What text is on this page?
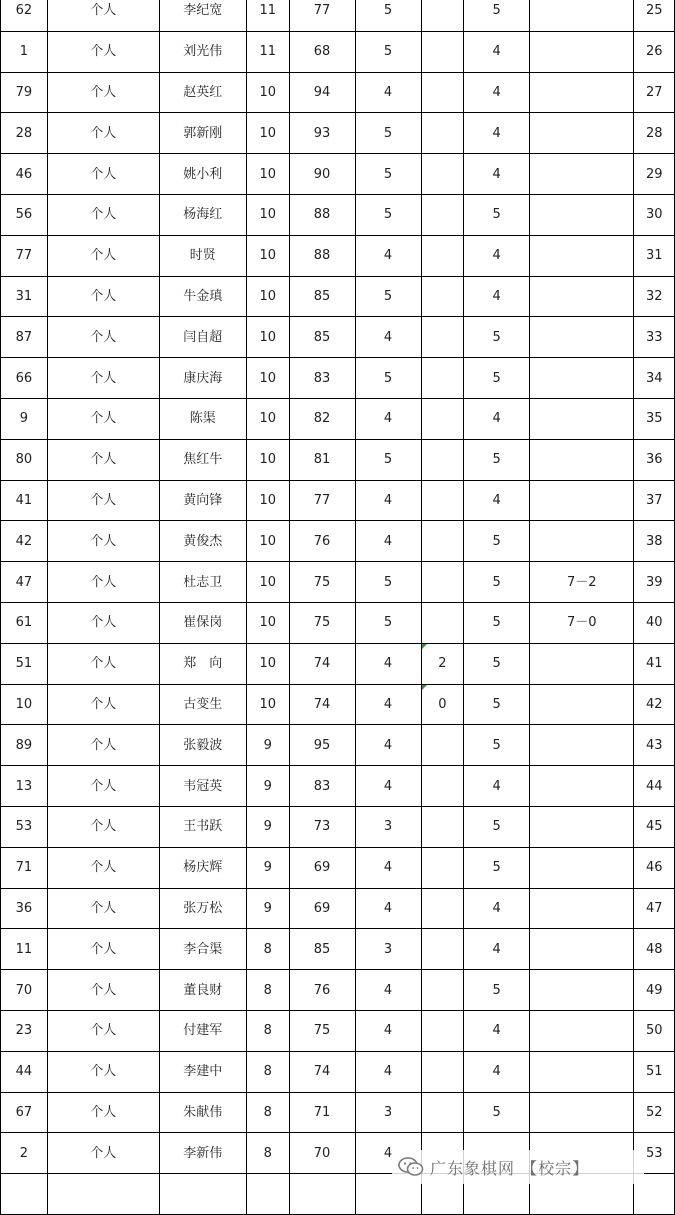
62	个人	李纪宽	11	77	5		5		25
1	个人	刘光伟	11	68	5		4		26
79	个人	赵英红	10	94	4		4		27
28	个人	郭新刚	10	93	5		4		28
46	个人	姚小利	10	90	5		4		29
56	个人	杨海红	10	88	5		5		30
77	个人	时贤	10	88	4		4		31
31	个人	牛金瑱	10	85	5		4		32
87	个人	闫自超	10	85	4		5		33
66	个人	康庆海	10	83	5		5		34
9	个人	陈渠	10	82	4		4		35
80	个人	焦红牛	10	81	5		5		36
41	个人	黄向锋	10	77	4		4		37
42	个人	黄俊杰	10	76	4		5		38
47	个人	杜志卫	10	75	5		5	7－2	39
61	个人	崔保岗	10	75	5		5	7－0	40
51	个人	郑　向	10	74	4	2	5		41
10	个人	古变生	10	74	4	0	5		42
89	个人	张毅波	9	95	4		5		43
13	个人	韦冠英	9	83	4		4		44
53	个人	王书跃	9	73	3		5		45
71	个人	杨庆辉	9	69	4		5		46
36	个人	张万松	9	69	4		4		47
11	个人	李合渠	8	85	3		4		48
70	个人	董良财	8	76	4		5		49
23	个人	付建军	8	75	4		4		50
44	个人	李建中	8	74	4		4		51
67	个人	朱献伟	8	71	3		5		52
2	个人	李新伟	8	70	4				53

广东象棋网 【校宗】
